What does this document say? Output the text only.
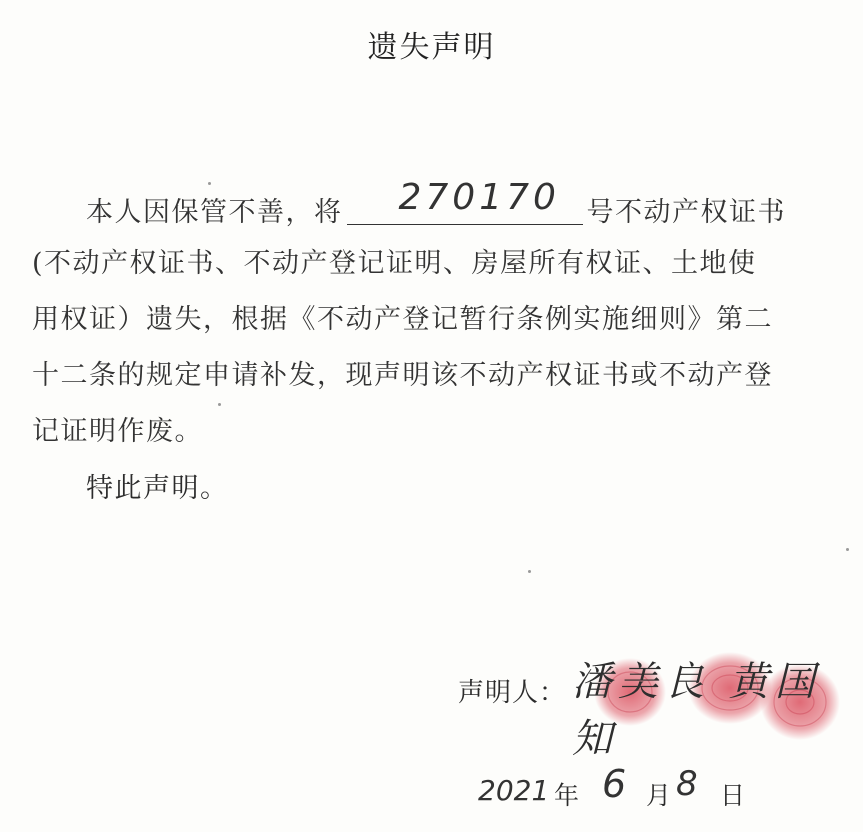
遗失声明
本人因保管不善，将 270170 号不动产权证书
(不动产权证书、不动产登记证明、房屋所有权证、土地使
用权证）遗失，根据《不动产登记暂行条例实施细则》第二
十二条的规定申请补发，现声明该不动产权证书或不动产登
记证明作废。
特此声明。
声明人： 潘美良 黄国知
2021 年 6 月 8 日
